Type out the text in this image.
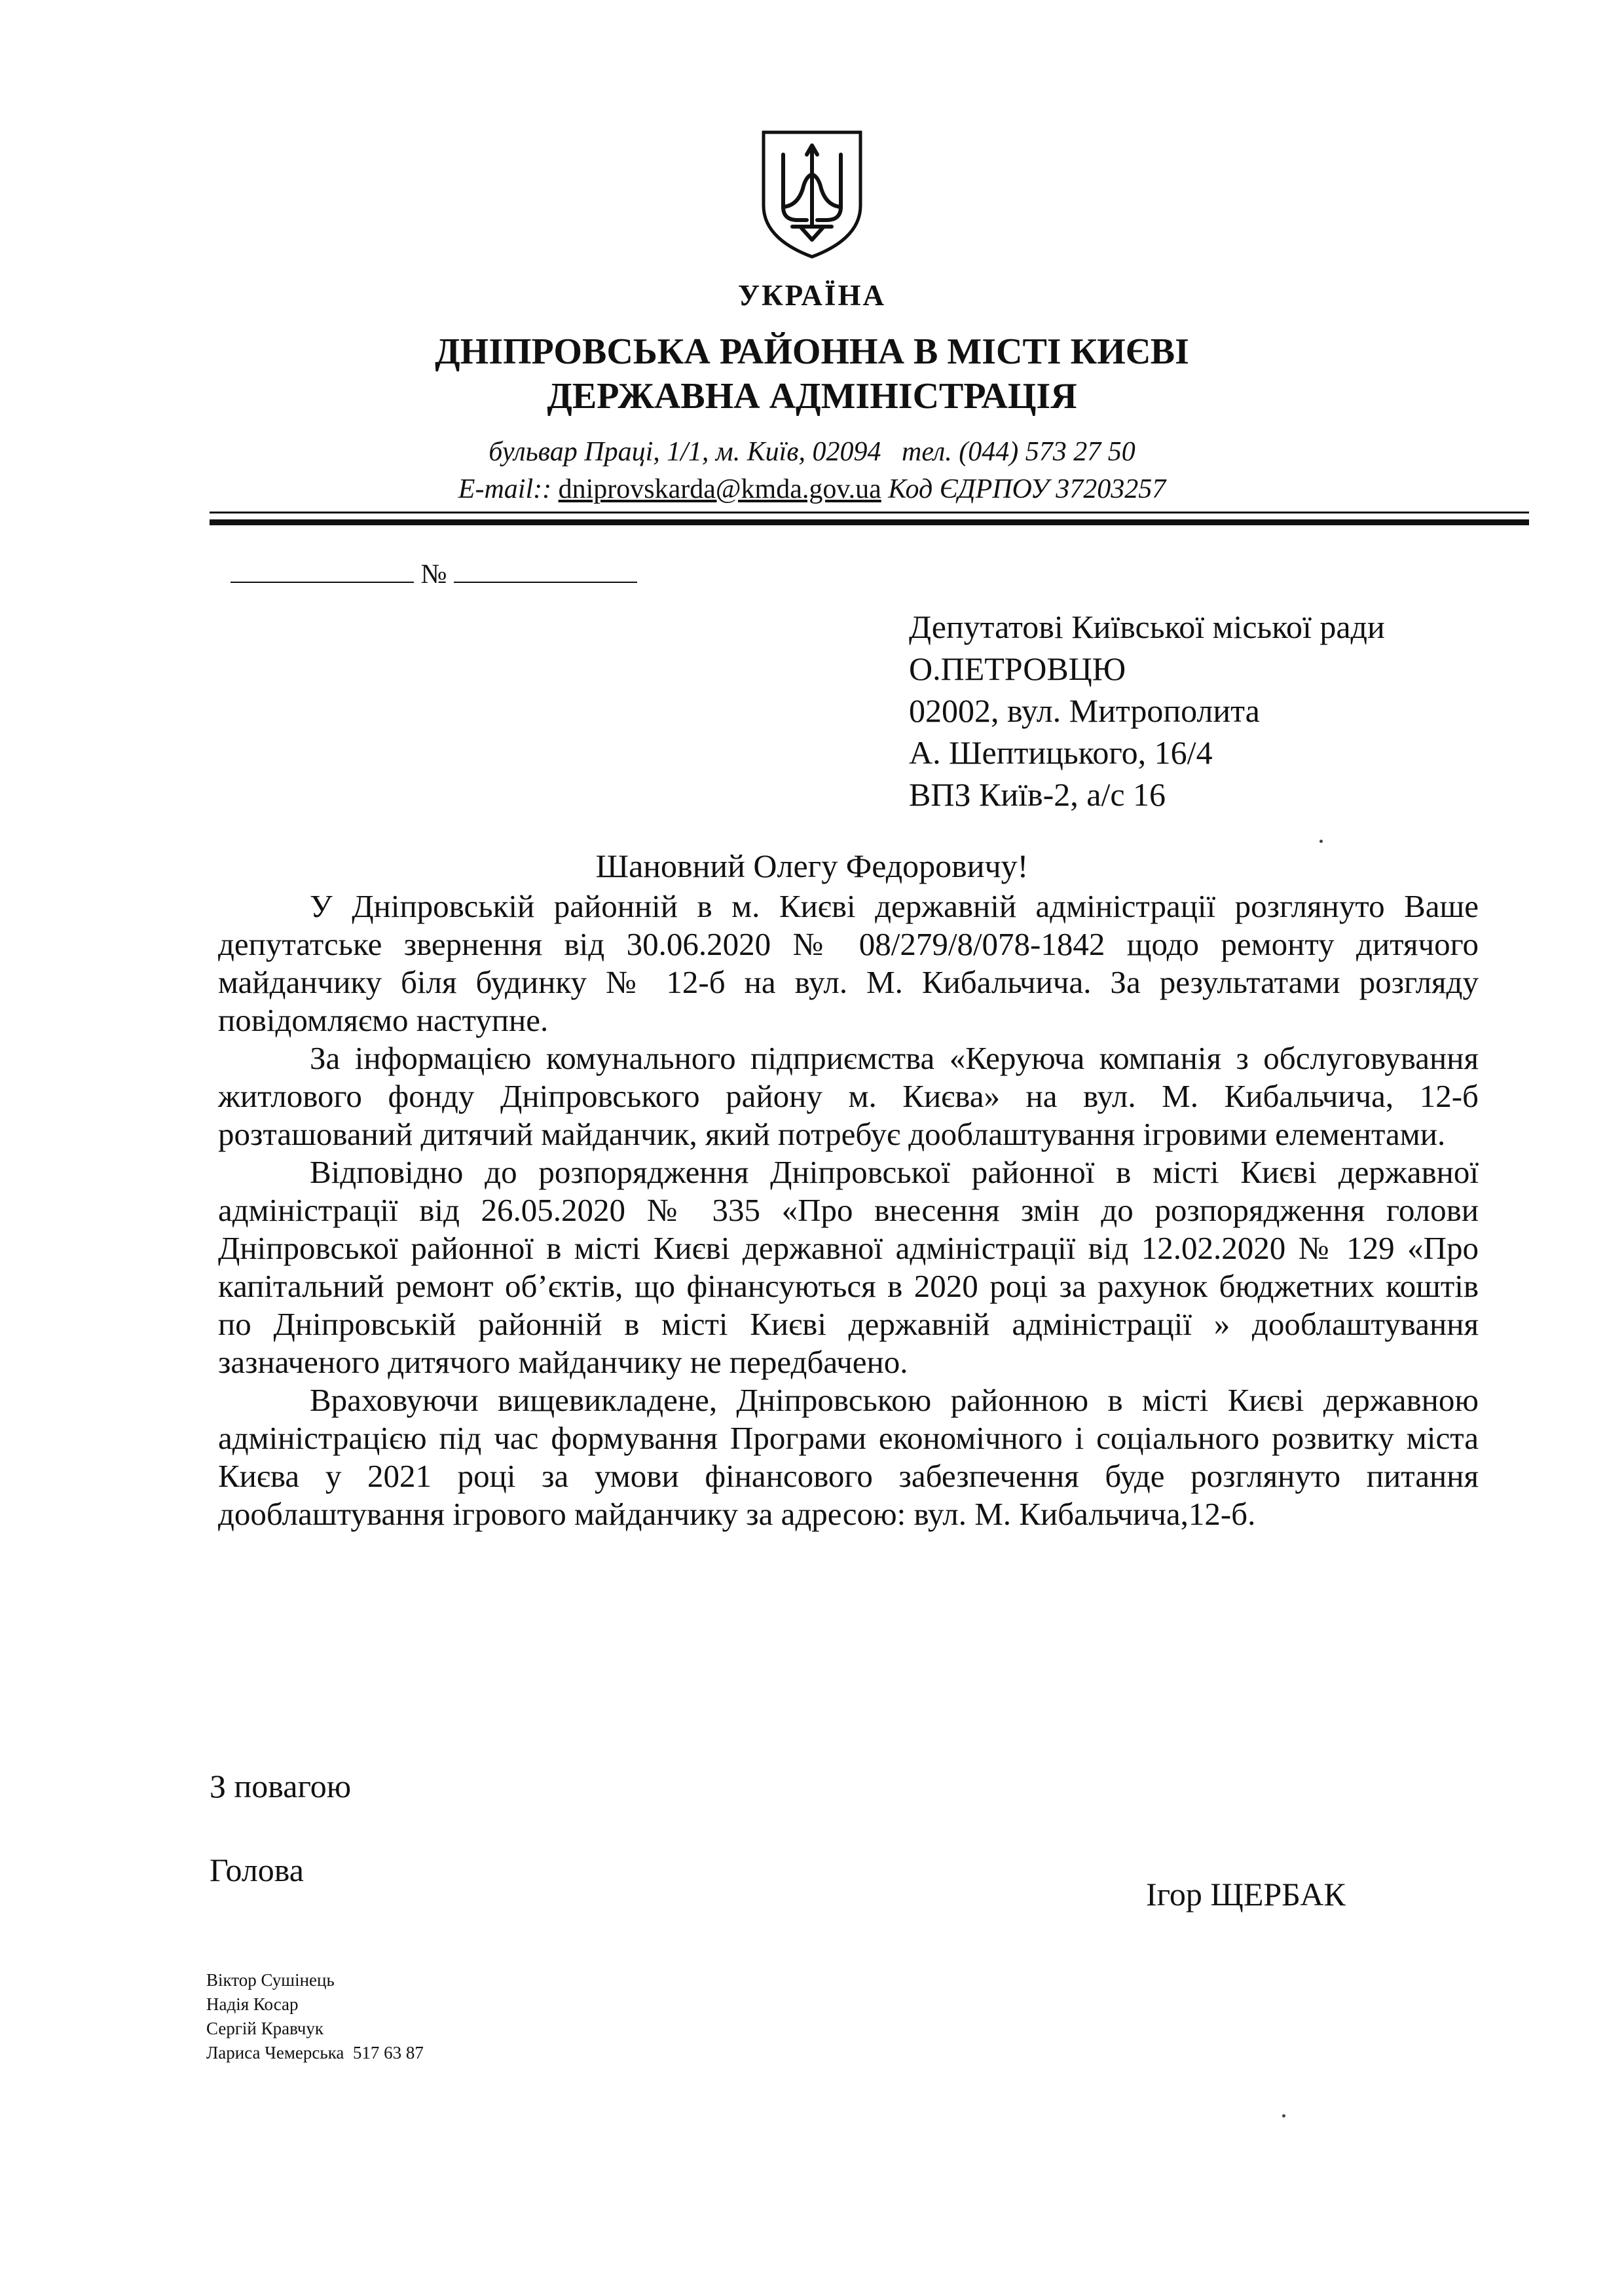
УКРАЇНА
ДНІПРОВСЬКА РАЙОННА В МІСТІ КИЄВІ
ДЕРЖАВНА АДМІНІСТРАЦІЯ
бульвар Праці, 1/1, м. Київ, 02094 тел. (044) 573 27 50
E-mail:: dniprovskarda@kmda.gov.ua Код ЄДРПОУ 37203257
№
Депутатові Київської міської ради
О.ПЕТРОВЦЮ
02002, вул. Митрополита
А. Шептицького, 16/4
ВПЗ Київ-2, а/с 16
Шановний Олегу Федоровичу!

У Дніпровській районній в м. Києві державній адміністрації розглянуто Ваше депутатське звернення від 30.06.2020 № 08/279/8/078-1842 щодо ремонту дитячого майданчику біля будинку № 12-б на вул. М. Кибальчича. За результатами розгляду повідомляємо наступне.

За інформацією комунального підприємства «Керуюча компанія з обслуговування житлового фонду Дніпровського району м. Києва» на вул. М. Кибальчича, 12-б розташований дитячий майданчик, який потребує дооблаштування ігровими елементами.

Відповідно до розпорядження Дніпровської районної в місті Києві державної адміністрації від 26.05.2020 № 335 «Про внесення змін до розпорядження голови Дніпровської районної в місті Києві державної адміністрації від 12.02.2020 № 129 «Про капітальний ремонт об’єктів, що фінансуються в 2020 році за рахунок бюджетних коштів по Дніпровській районній в місті Києві державній адміністрації » дооблаштування зазначеного дитячого майданчику не передбачено.

Враховуючи вищевикладене, Дніпровською районною в місті Києві державною адміністрацією під час формування Програми економічного і соціального розвитку міста Києва у 2021 році за умови фінансового забезпечення буде розглянуто питання дооблаштування ігрового майданчику за адресою: вул. М. Кибальчича,12-б.

З повагою
Голова
Ігор ЩЕРБАК
Віктор Сушінець
Надія Косар
Сергій Кравчук
Лариса Чемерська  517 63 87
